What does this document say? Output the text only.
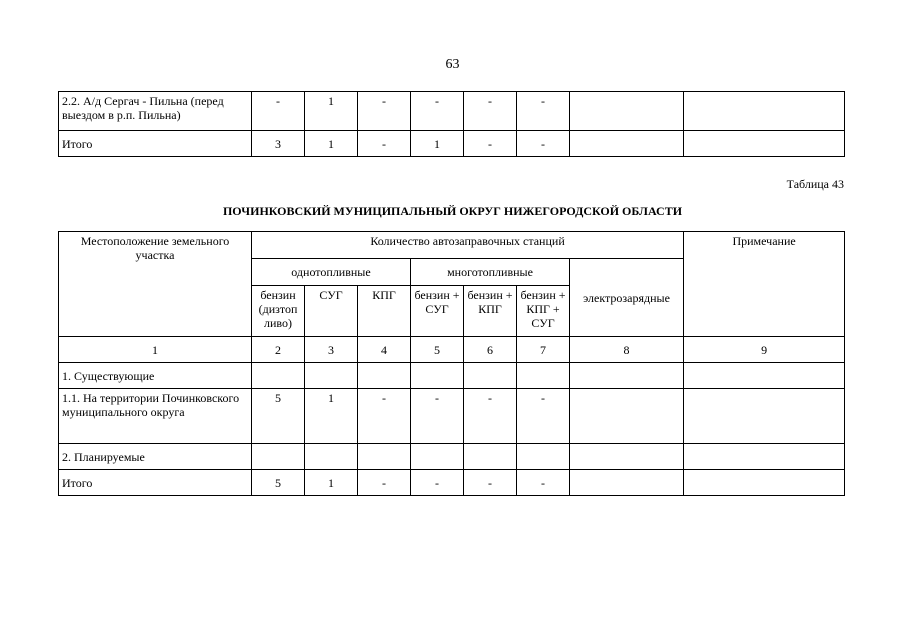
63
2.2. А/д Сергач - Пильна (перед выездом в р.п. Пильна)	-	1	-	-	-	-		
Итого	3	1	-	1	-	-		
Таблица 43
ПОЧИНКОВСКИЙ МУНИЦИПАЛЬНЫЙ ОКРУГ НИЖЕГОРОДСКОЙ ОБЛАСТИ
Местоположение земельного участка	Количество автозаправочных станций							Примечание
	однотопливные			многотопливные			электрозарядные	
	бензин (дизтоп ливо)	СУГ	КПГ	бензин + СУГ	бензин + КПГ	бензин + КПГ + СУГ		
1	2	3	4	5	6	7	8	9
1. Существующие								
1.1. На территории Починковского муниципального округа	5	1	-	-	-	-		
2. Планируемые								
Итого	5	1	-	-	-	-		
